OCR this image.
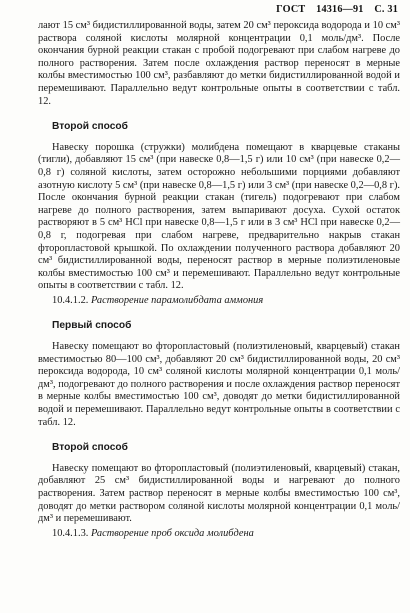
ГОСТ 14316—91 С. 31

лают 15 см³ бидистиллированной воды, затем 20 см³ пероксида водорода и 10 см³ раствора соляной кислоты молярной концентрации 0,1 моль/дм³. После окончания бурной реакции стакан с пробой подогревают при слабом нагреве до полного растворения. Затем после охлаждения раствор переносят в мерные колбы вместимостью 100 см³, разбавляют до метки бидистиллированной водой и перемешивают. Параллельно ведут контрольные опыты в соответствии с табл. 12.

Второй способ

Навеску порошка (стружки) молибдена помещают в кварцевые стаканы (тигли), добавляют 15 см³ (при навеске 0,8—1,5 г) или 10 см³ (при навеске 0,2—0,8 г) соляной кислоты, затем осторожно небольшими порциями добавляют азотную кислоту 5 см³ (при навеске 0,8—1,5 г) или 3 см³ (при навеске 0,2—0,8 г). После окончания бурной реакции стакан (тигель) подогревают при слабом нагреве до полного растворения, затем выпаривают досуха. Сухой остаток растворяют в 5 см³ HCl при навеске 0,8—1,5 г или в 3 см³ HCl при навеске 0,2—0,8 г, подогревая при слабом нагреве, предварительно накрыв стакан фторопластовой крышкой. По охлаждении полученного раствора добавляют 20 см³ бидистиллированной воды, переносят раствор в мерные полиэтиленовые колбы вместимостью 100 см³ и перемешивают. Параллельно ведут контрольные опыты в соответствии с табл. 12.

10.4.1.2. Растворение парамолибдата аммония

Первый способ

Навеску помещают во фторопластовый (полиэтиленовый, кварцевый) стакан вместимостью 80—100 см³, добавляют 20 см³ бидистиллированной воды, 20 см³ пероксида водорода, 10 см³ соляной кислоты молярной концентрации 0,1 моль/дм³, подогревают до полного растворения и после охлаждения раствор переносят в мерные колбы вместимостью 100 см³, доводят до метки бидистиллированной водой и перемешивают. Параллельно ведут контрольные опыты в соответствии с табл. 12.

Второй способ

Навеску помещают во фторопластовый (полиэтиленовый, кварцевый) стакан, добавляют 25 см³ бидистиллированной воды и нагревают до полного растворения. Затем раствор переносят в мерные колбы вместимостью 100 см³, доводят до метки раствором соляной кислоты молярной концентрации 0,1 моль/дм³ и перемешивают.

10.4.1.3. Растворение проб оксида молибдена
